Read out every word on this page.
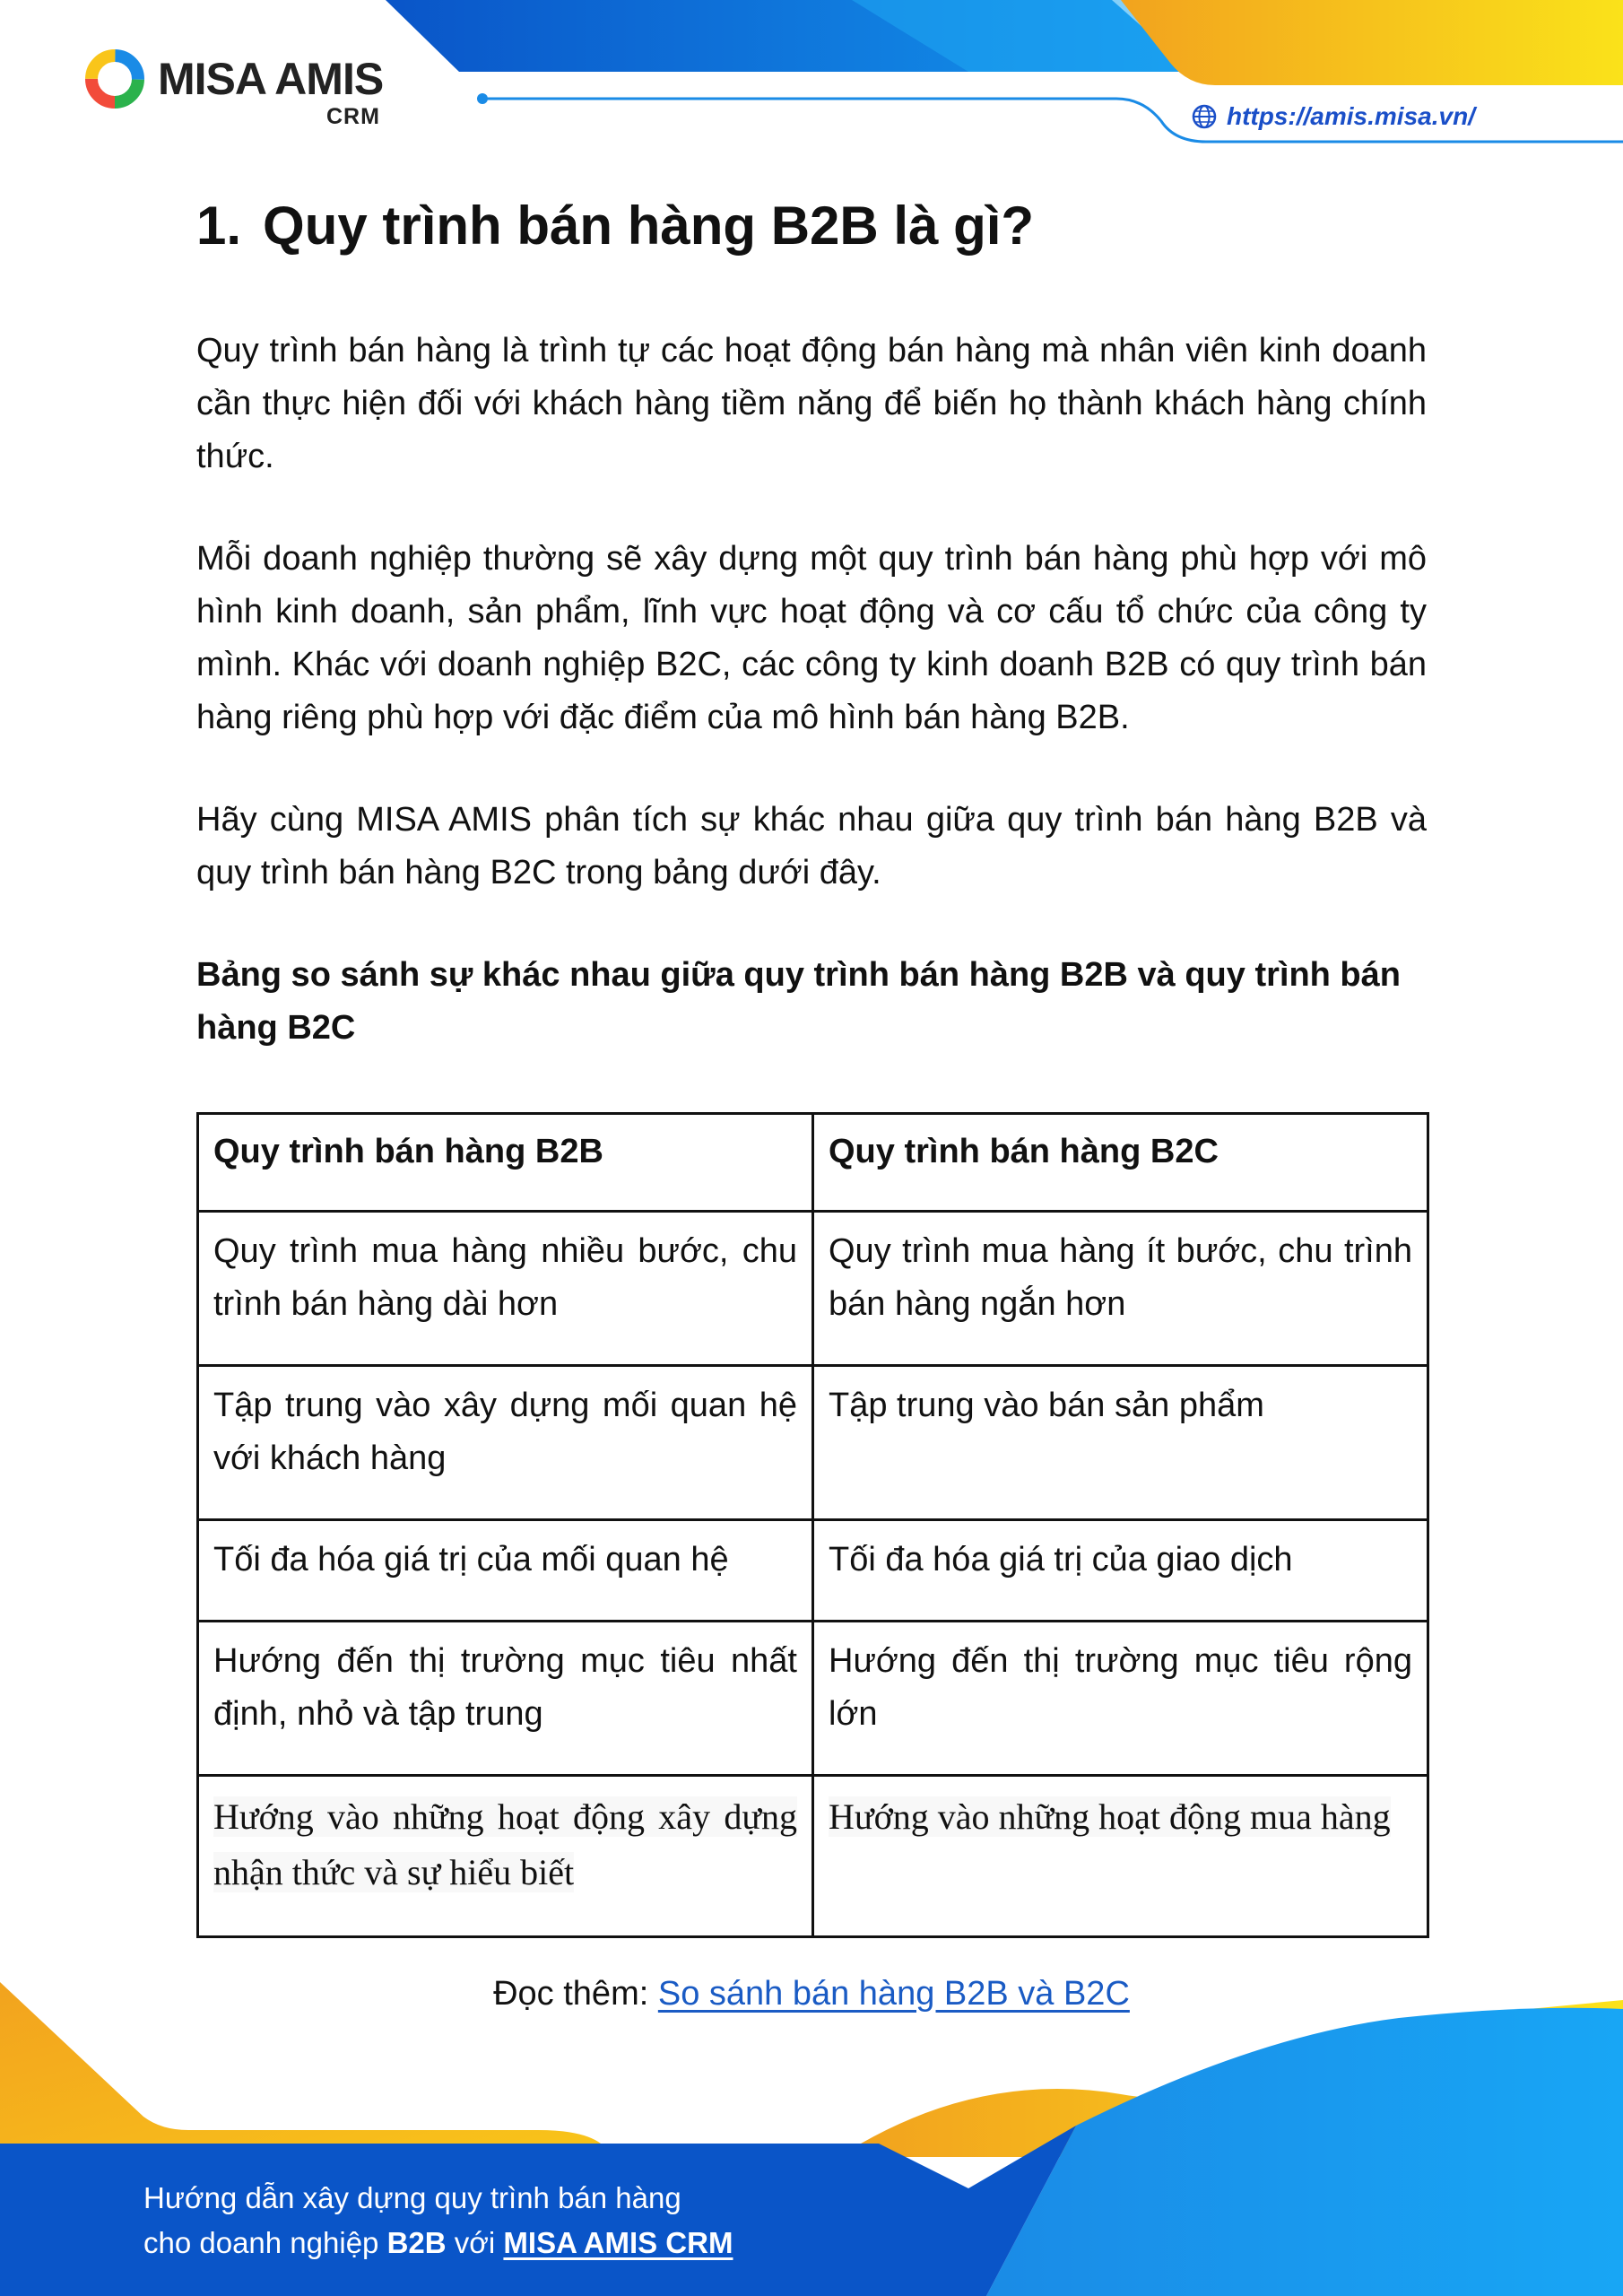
MISA AMIS
CRM	https://amis.misa.vn/
1. Quy trình bán hàng B2B là gì?

Quy trình bán hàng là trình tự các hoạt động bán hàng mà nhân viên kinh doanh cần thực hiện đối với khách hàng tiềm năng để biến họ thành khách hàng chính thức.

Mỗi doanh nghiệp thường sẽ xây dựng một quy trình bán hàng phù hợp với mô hình kinh doanh, sản phẩm, lĩnh vực hoạt động và cơ cấu tổ chức của công ty mình. Khác với doanh nghiệp B2C, các công ty kinh doanh B2B có quy trình bán hàng riêng phù hợp với đặc điểm của mô hình bán hàng B2B.

Hãy cùng MISA AMIS phân tích sự khác nhau giữa quy trình bán hàng B2B và quy trình bán hàng B2C trong bảng dưới đây.

Bảng so sánh sự khác nhau giữa quy trình bán hàng B2B và quy trình bán hàng B2C

Quy trình bán hàng B2B	Quy trình bán hàng B2C
Quy trình mua hàng nhiều bước, chu trình bán hàng dài hơn	Quy trình mua hàng ít bước, chu trình bán hàng ngắn hơn
Tập trung vào xây dựng mối quan hệ với khách hàng	Tập trung vào bán sản phẩm
Tối đa hóa giá trị của mối quan hệ	Tối đa hóa giá trị của giao dịch
Hướng đến thị trường mục tiêu nhất định, nhỏ và tập trung	Hướng đến thị trường mục tiêu rộng lớn
Hướng vào những hoạt động xây dựng nhận thức và sự hiểu biết	Hướng vào những hoạt động mua hàng
Đọc thêm: So sánh bán hàng B2B và B2C
Hướng dẫn xây dựng quy trình bán hàng
cho doanh nghiệp B2B với MISA AMIS CRM
